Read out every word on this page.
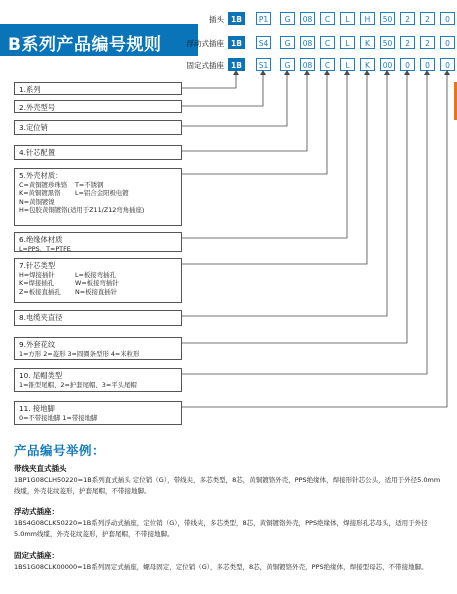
B系列产品编号规则
插头 1B	P1	G	08	C	L	H	50	2	2	0
浮动式插座 1B	S4	G	08	C	L	K	50	2	2	0
固定式插座 1B	S1	G	08	C	L	K	00	0	0	0
1.系列
2.外壳型号
3.定位销
4.针芯配置
5.外壳材质：
C=黄铜镀珍珠铬	T=不锈钢
K=黄铜镀黑铬	L=铝合金阳极电镀
N=黄铜镀镍
H=包胶黄铜镀铬(适用于Z11/Z12弯角插座)
6.绝缘体材质
L=PPS、T=PTFE
7.针芯类型
H=焊接插针	L=板接弯插孔
K=焊接插孔	W=板接弯插针
Z=板接直插孔	N=板接直插针
8.电缆夹直径
9.外套花纹
1=方形 2=菱形 3=圆圈条型形 4=米粒形
10. 尾帽类型
1=锥型尾帽、2=护套尾帽、3=平头尾帽
11. 接地脚
0=不带接地脚 1=带接地脚
产品编号举例：
带线夹直式插头
1BP1G08CLH50220=1B系列直式插头 定位销（G），带线夹，多芯类型，8芯，黄铜镀铬外壳，PPS绝缘体，焊接形针芯公头，适用于外径5.0mm线缆，外壳花纹菱形，护套尾帽，不带接地脚。
浮动式插座：
1BS4G08CLK50220=1B系列浮动式插座，定位销（G），带线夹，多芯类型，8芯，黄铜镀铬外壳，PPS绝缘体，焊接形孔芯母头，适用于外径5.0mm线缆，外壳花纹菱形，护套尾帽，不带接地脚。
固定式插座：
1BS1G08CLK00000=1B系列固定式插座，螺母固定，定位销（G），多芯类型，8芯，黄铜镀铬外壳，PPS绝缘体，焊接型母芯，不带接地脚。
